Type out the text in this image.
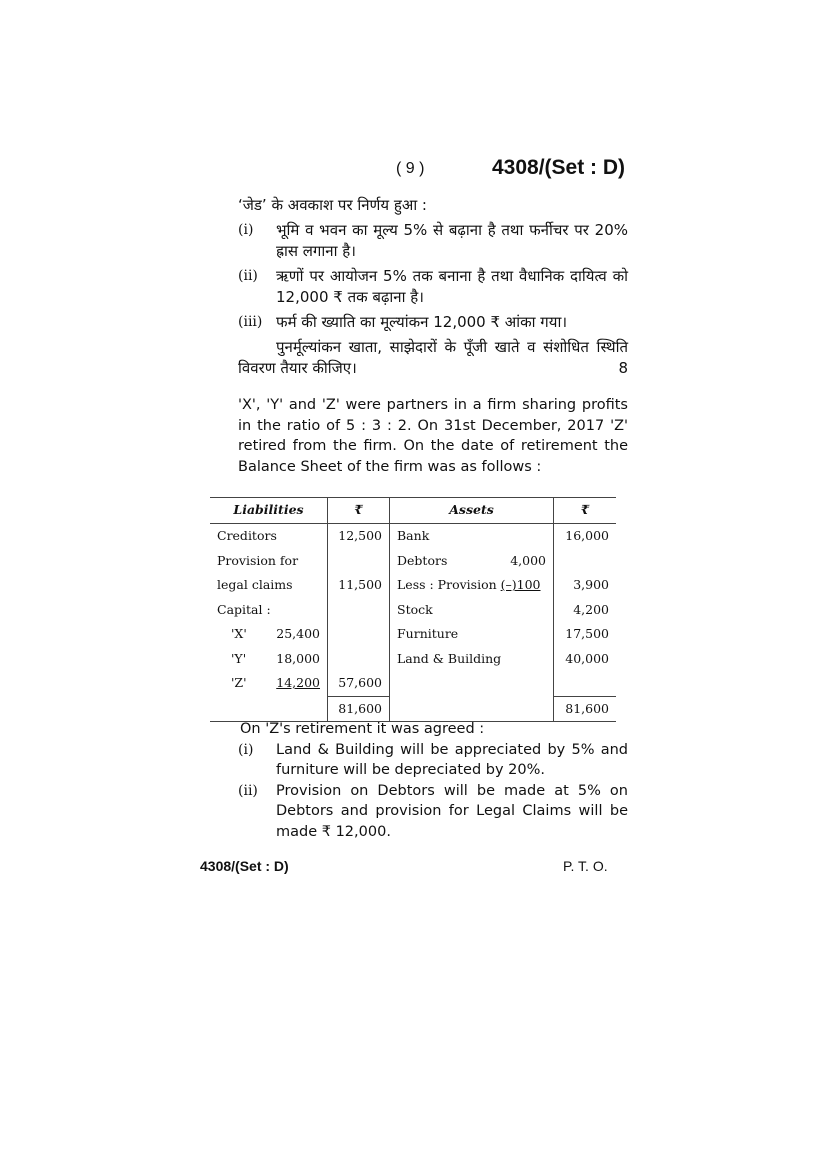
( 9 )	4308/(Set : D)
‘जेड’ के अवकाश पर निर्णय हुआ :
(i)	भूमि व भवन का मूल्य 5% से बढ़ाना है तथा फर्नीचर पर 20% ह्रास लगाना है।
(ii)	ऋणों पर आयोजन 5% तक बनाना है तथा वैधानिक दायित्व को 12,000 ₹ तक बढ़ाना है।
(iii) फर्म की ख्याति का मूल्यांकन 12,000 ₹ आंका गया।
पुनर्मूल्यांकन खाता, साझेदारों के पूँजी खाते व संशोधित स्थिति विवरण तैयार कीजिए।	8
'X', 'Y' and 'Z' were partners in a firm sharing profits in the ratio of 5 : 3 : 2. On 31st December, 2017 'Z' retired from the firm. On the date of retirement the Balance Sheet of the firm was as follows :
Liabilities	₹	Assets	₹
Creditors	12,500	Bank	16,000
Provision for		Debtors 4,000	

legal claims	11,500	Less : Provision (–)100	3,900
Capital :		Stock	4,200
'X' 25,400		Furniture	17,500
'Y' 18,000		Land & Building	40,000
'Z' 14,200	57,600		
	81,600		81,600
On 'Z's retirement it was agreed :
(i)	Land & Building will be appreciated by 5% and furniture will be depreciated by 20%.
(ii)	Provision on Debtors will be made at 5% on Debtors and provision for Legal Claims will be made ₹ 12,000.
4308/(Set : D)	P. T. O.
